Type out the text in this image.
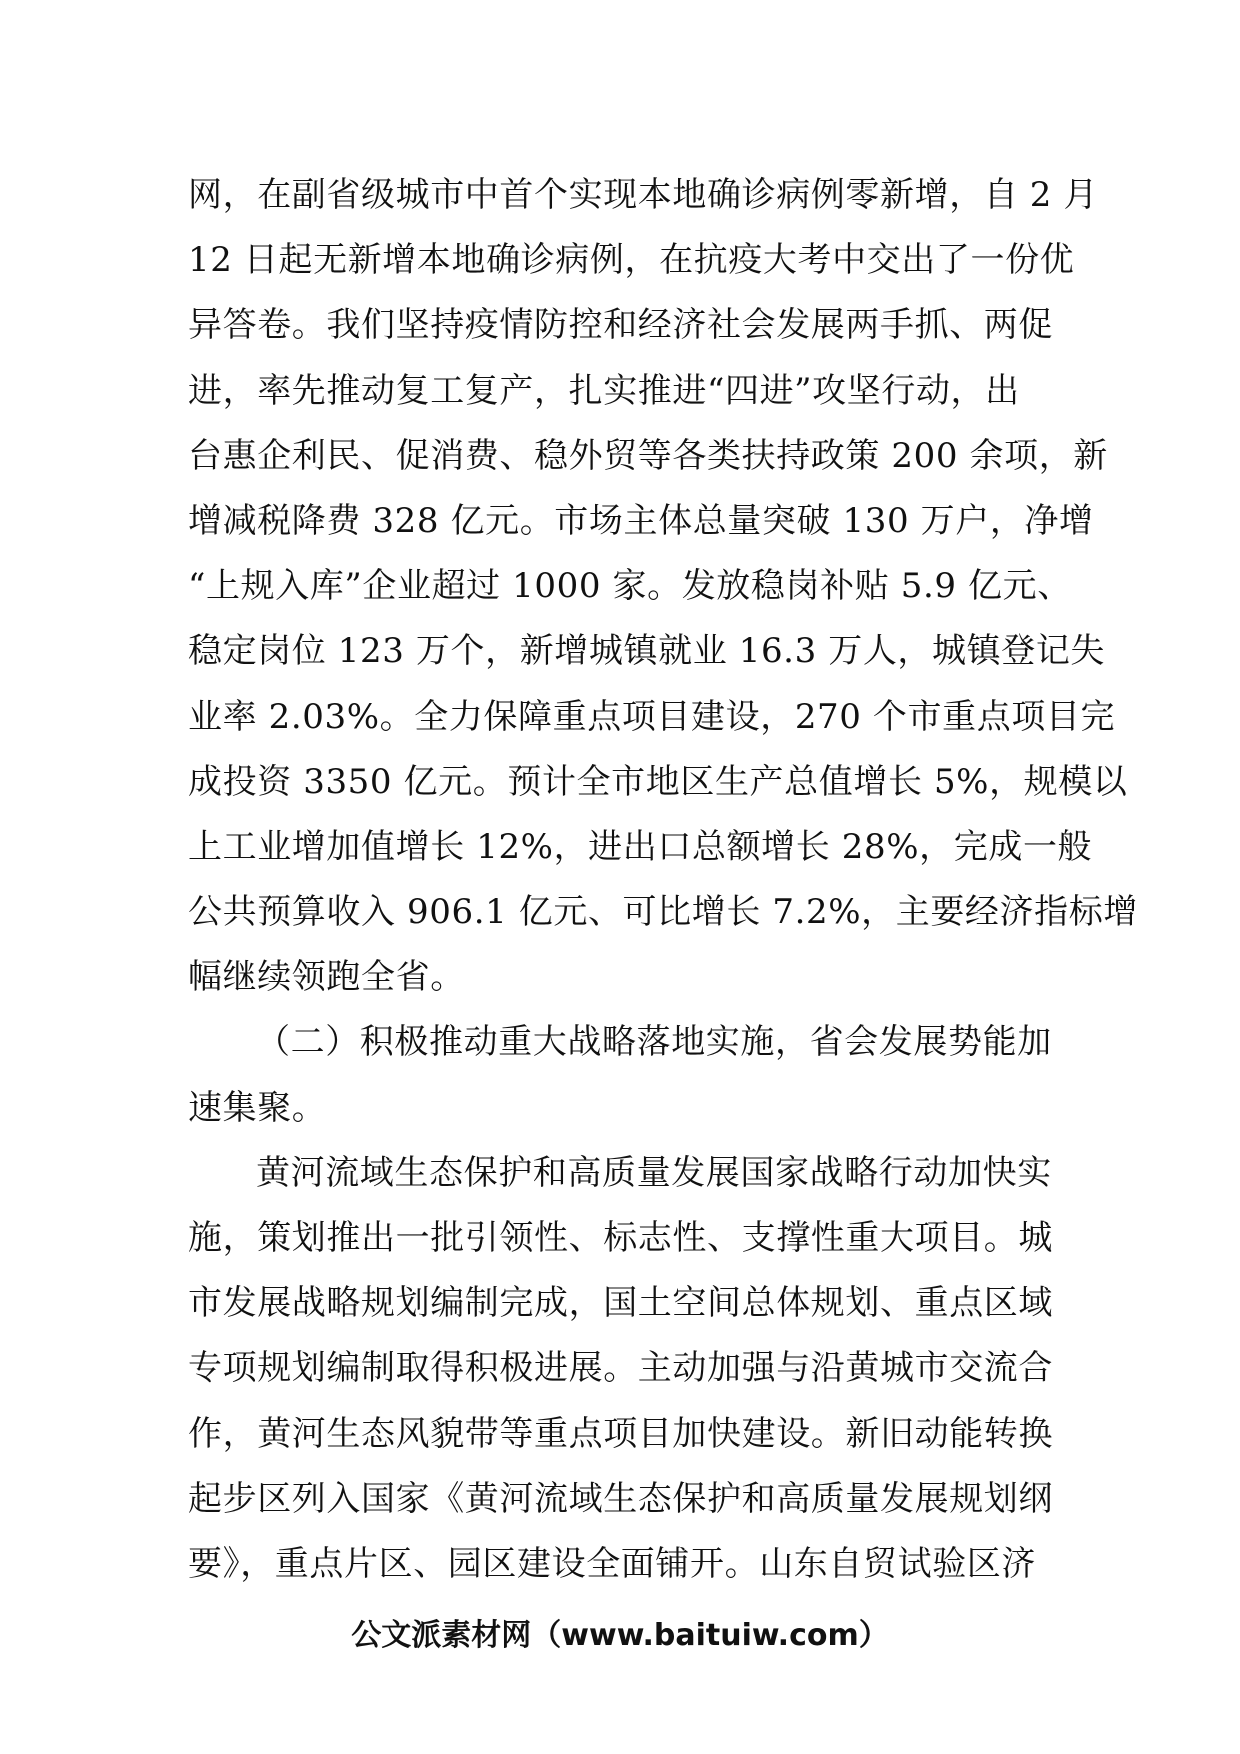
网，在副省级城市中首个实现本地确诊病例零新增，自 2 月
12 日起无新增本地确诊病例，在抗疫大考中交出了一份优
异答卷。我们坚持疫情防控和经济社会发展两手抓、两促
进，率先推动复工复产，扎实推进“四进”攻坚行动，出
台惠企利民、促消费、稳外贸等各类扶持政策 200 余项，新
增减税降费 328 亿元。市场主体总量突破 130 万户，净增
“上规入库”企业超过 1000 家。发放稳岗补贴 5.9 亿元、
稳定岗位 123 万个，新增城镇就业 16.3 万人，城镇登记失
业率 2.03%。全力保障重点项目建设，270 个市重点项目完
成投资 3350 亿元。预计全市地区生产总值增长 5%，规模以
上工业增加值增长 12%，进出口总额增长 28%，完成一般
公共预算收入 906.1 亿元、可比增长 7.2%，主要经济指标增
幅继续领跑全省。
（二）积极推动重大战略落地实施，省会发展势能加
速集聚。
黄河流域生态保护和高质量发展国家战略行动加快实
施，策划推出一批引领性、标志性、支撑性重大项目。城
市发展战略规划编制完成，国土空间总体规划、重点区域
专项规划编制取得积极进展。主动加强与沿黄城市交流合
作，黄河生态风貌带等重点项目加快建设。新旧动能转换
起步区列入国家《黄河流域生态保护和高质量发展规划纲
要》，重点片区、园区建设全面铺开。山东自贸试验区济
公文派素材网（www.baituiw.com）
